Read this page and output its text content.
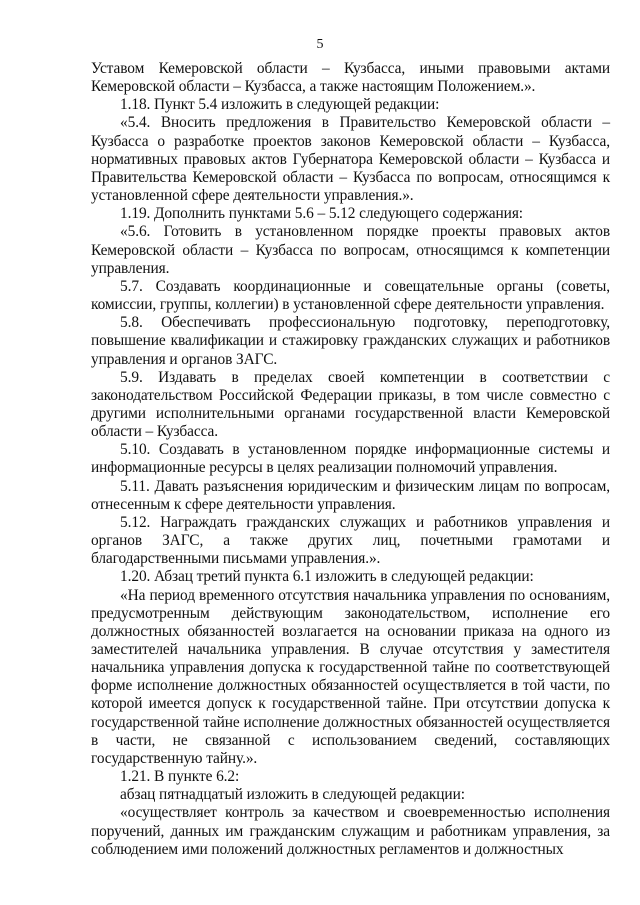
5

Уставом Кемеровской области – Кузбасса, иными правовыми актами Кемеровской области – Кузбасса, а также настоящим Положением.».

1.18. Пункт 5.4 изложить в следующей редакции:

«5.4. Вносить предложения в Правительство Кемеровской области – Кузбасса о разработке проектов законов Кемеровской области – Кузбасса, нормативных правовых актов Губернатора Кемеровской области – Кузбасса и Правительства Кемеровской области – Кузбасса по вопросам, относящимся к установленной сфере деятельности управления.».

1.19. Дополнить пунктами 5.6 – 5.12 следующего содержания:

«5.6. Готовить в установленном порядке проекты правовых актов Кемеровской области – Кузбасса по вопросам, относящимся к компетенции управления.

5.7. Создавать координационные и совещательные органы (советы, комиссии, группы, коллегии) в установленной сфере деятельности управления.

5.8. Обеспечивать профессиональную подготовку, переподготовку, повышение квалификации и стажировку гражданских служащих и работников управления и органов ЗАГС.

5.9. Издавать в пределах своей компетенции в соответствии с законодательством Российской Федерации приказы, в том числе совместно с другими исполнительными органами государственной власти Кемеровской области – Кузбасса.

5.10. Создавать в установленном порядке информационные системы и информационные ресурсы в целях реализации полномочий управления.

5.11. Давать разъяснения юридическим и физическим лицам по вопросам, отнесенным к сфере деятельности управления.

5.12. Награждать гражданских служащих и работников управления и органов ЗАГС, а также других лиц, почетными грамотами и благодарственными письмами управления.».

1.20. Абзац третий пункта 6.1 изложить в следующей редакции:

«На период временного отсутствия начальника управления по основаниям, предусмотренным действующим законодательством, исполнение его должностных обязанностей возлагается на основании приказа на одного из заместителей начальника управления. В случае отсутствия у заместителя начальника управления допуска к государственной тайне по соответствующей форме исполнение должностных обязанностей осуществляется в той части, по которой имеется допуск к государственной тайне. При отсутствии допуска к государственной тайне исполнение должностных обязанностей осуществляется в части, не связанной с использованием сведений, составляющих государственную тайну.».

1.21. В пункте 6.2:

абзац пятнадцатый изложить в следующей редакции:

«осуществляет контроль за качеством и своевременностью исполнения поручений, данных им гражданским служащим и работникам управления, за соблюдением ими положений должностных регламентов и должностных
